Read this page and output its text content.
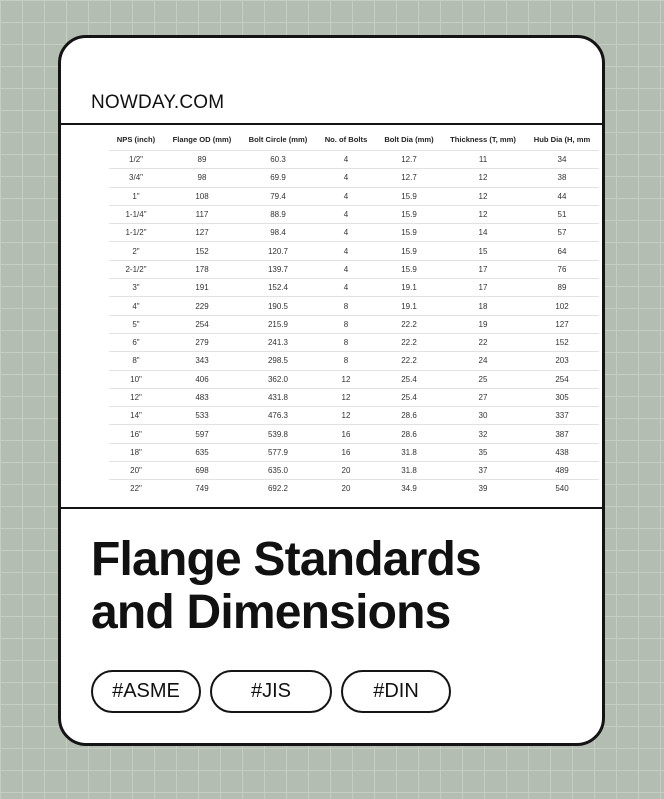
NOWDAY.COM
NPS (inch)	Flange OD (mm)	Bolt Circle (mm)	No. of Bolts	Bolt Dia (mm)	Thickness (T, mm)	Hub Dia (H, mm
1/2"	89	60.3	4	12.7	11	34
3/4"	98	69.9	4	12.7	12	38
1"	108	79.4	4	15.9	12	44
1-1/4"	117	88.9	4	15.9	12	51
1-1/2"	127	98.4	4	15.9	14	57
2"	152	120.7	4	15.9	15	64
2-1/2"	178	139.7	4	15.9	17	76
3"	191	152.4	4	19.1	17	89
4"	229	190.5	8	19.1	18	102
5"	254	215.9	8	22.2	19	127
6"	279	241.3	8	22.2	22	152
8"	343	298.5	8	22.2	24	203
10"	406	362.0	12	25.4	25	254
12"	483	431.8	12	25.4	27	305
14"	533	476.3	12	28.6	30	337
16"	597	539.8	16	28.6	32	387
18"	635	577.9	16	31.8	35	438
20"	698	635.0	20	31.8	37	489
22"	749	692.2	20	34.9	39	540
Flange Standards
and Dimensions
#ASME	#JIS	#DIN
